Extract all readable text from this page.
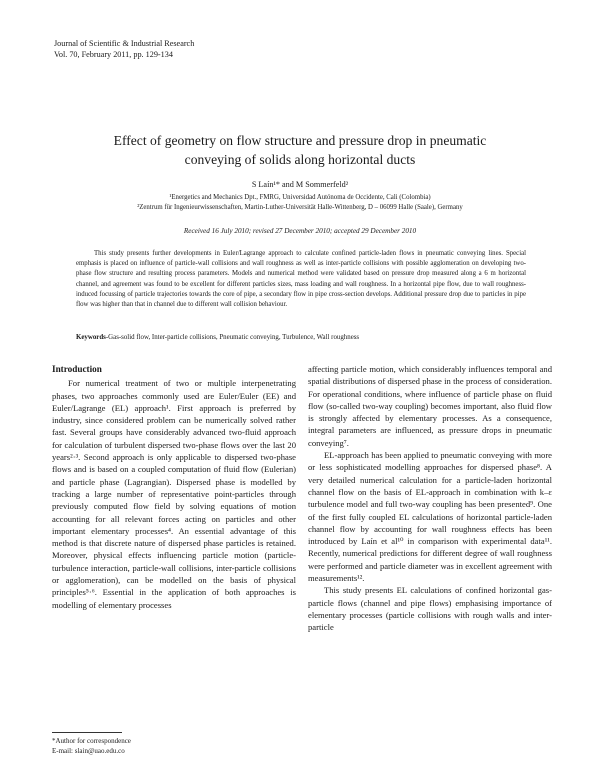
Journal of Scientific & Industrial Research
Vol. 70, February 2011, pp. 129-134
Effect of geometry on flow structure and pressure drop in pneumatic
conveying of solids along horizontal ducts
S Laín¹* and M Sommerfeld²
¹Energetics and Mechanics Dpt., FMRG, Universidad Autónoma de Occidente, Cali (Colombia)
²Zentrum für Ingenieurwissenschaften, Martin-Luther-Universität Halle-Wittenberg, D – 06099 Halle (Saale), Germany
Received 16 July 2010; revised 27 December 2010; accepted 29 December 2010
This study presents further developments in Euler/Lagrange approach to calculate confined particle-laden flows in pneumatic conveying lines. Special emphasis is placed on influence of particle-wall collisions and wall roughness as well as inter-particle collisions with possible agglomeration on developing two-phase flow structure and resulting process parameters. Models and numerical method were validated based on pressure drop measured along a 6 m horizontal channel, and agreement was found to be excellent for different particles sizes, mass loading and wall roughness. In a horizontal pipe flow, due to wall roughness-induced focussing of particle trajectories towards the core of pipe, a secondary flow in pipe cross-section develops. Additional pressure drop due to particles in pipe flow was higher than that in channel due to different wall collision behaviour.
Keywords-Gas-solid flow, Inter-particle collisions, Pneumatic conveying, Turbulence, Wall roughness
Introduction

For numerical treatment of two or multiple interpenetrating phases, two approaches commonly used are Euler/Euler (EE) and Euler/Lagrange (EL) approach¹. First approach is preferred by industry, since considered problem can be numerically solved rather fast. Several groups have considerably advanced two-fluid approach for calculation of turbulent dispersed two-phase flows over the last 20 years²·³. Second approach is only applicable to dispersed two-phase flows and is based on a coupled computation of fluid flow (Eulerian) and particle phase (Lagrangian). Dispersed phase is modelled by tracking a large number of representative point-particles through previously computed flow field by solving equations of motion accounting for all relevant forces acting on particles and other important elementary processes⁴. An essential advantage of this method is that discrete nature of dispersed phase particles is retained. Moreover, physical effects influencing particle motion (particle-turbulence interaction, particle-wall collisions, inter-particle collisions or agglomeration), can be modelled on the basis of physical principles⁵·⁶. Essential in the application of both approaches is modelling of elementary processes

affecting particle motion, which considerably influences temporal and spatial distributions of dispersed phase in the process of consideration. For operational conditions, where influence of particle phase on fluid flow (so-called two-way coupling) becomes important, also fluid flow is strongly affected by elementary processes. As a consequence, integral parameters are influenced, as pressure drops in pneumatic conveying⁷.

EL-approach has been applied to pneumatic conveying with more or less sophisticated modelling approaches for dispersed phase⁸. A very detailed numerical calculation for a particle-laden horizontal channel flow on the basis of EL-approach in combination with k–ε turbulence model and full two-way coupling has been presented⁹. One of the first fully coupled EL calculations of horizontal particle-laden channel flow by accounting for wall roughness effects has been introduced by Laín et al¹⁰ in comparison with experimental data¹¹. Recently, numerical predictions for different degree of wall roughness were performed and particle diameter was in excellent agreement with measurements¹².

This study presents EL calculations of confined horizontal gas-particle flows (channel and pipe flows) emphasising importance of elementary processes (particle collisions with rough walls and inter-particle

*Author for correspondence
E-mail: slain@uao.edu.co
